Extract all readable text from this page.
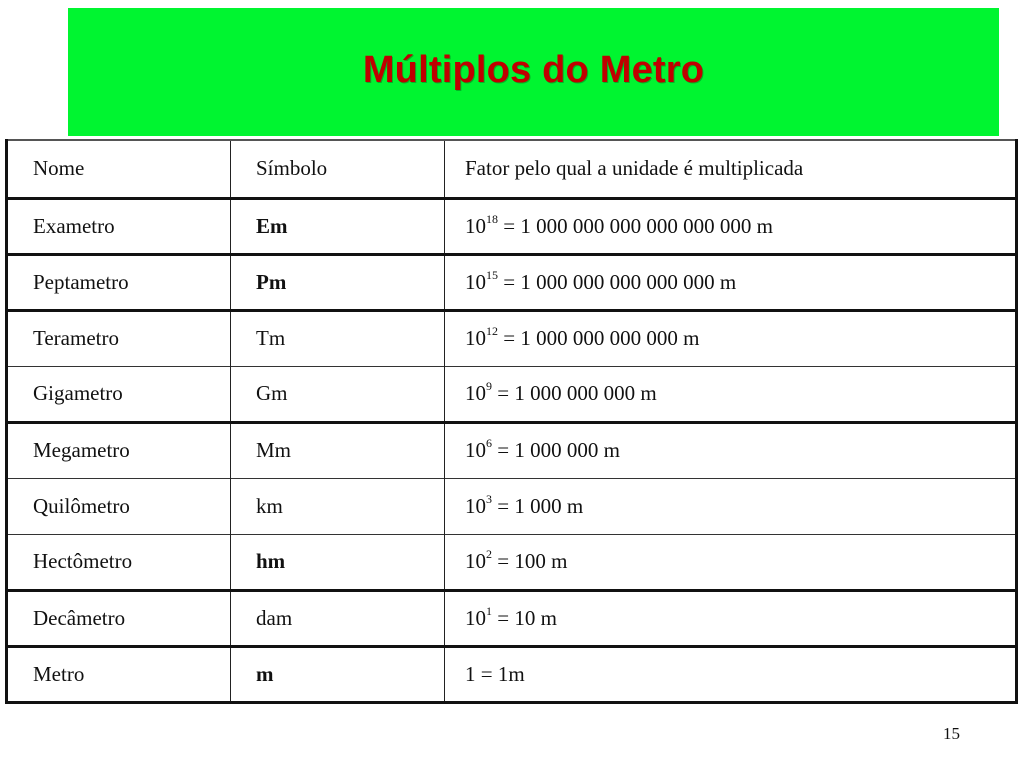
Múltiplos do Metro
Nome	Símbolo	Fator pelo qual a unidade é multiplicada
Exametro	Em	$10^{18} = 1$ 000 000 000 000 000 000 m
Peptametro	Pm	$10^{15} = 1$ 000 000 000 000 000 m
Terametro	Tm	$10^{12} = 1$ 000 000 000 000 m
Gigametro	Gm	$10^9 = 1$ 000 000 000 m
Megametro	Mm	$10^6 = 1$ 000 000 m
Quilômetro	km	$10^3 = 1$ 000 m
Hectômetro	hm	$10^2 = 100$ m
Decâmetro	dam	$10^1 = 10$ m
Metro	m	1 = 1m
15
